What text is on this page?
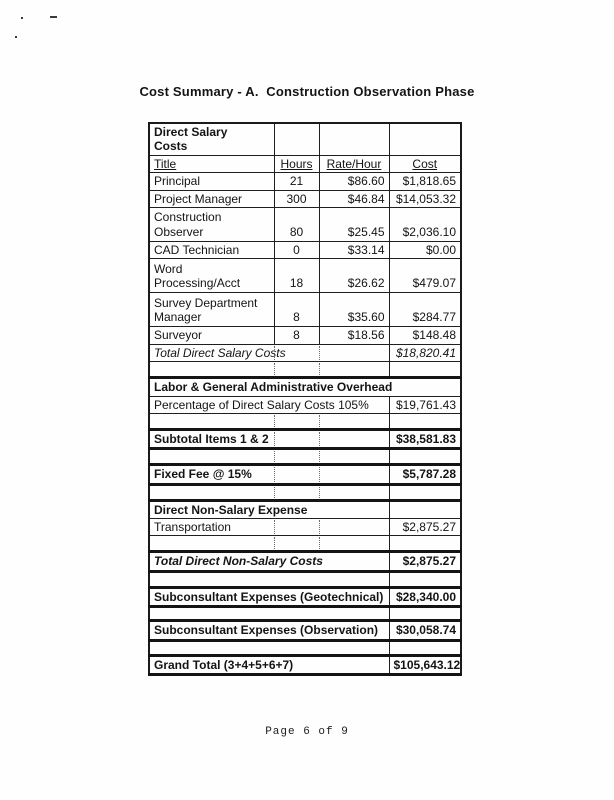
Cost Summary - A.  Construction Observation Phase
Direct Salary Costs			
Title	Hours	Rate/Hour	Cost
Principal	21	$86.60	$1,818.65
Project Manager	300	$46.84	$14,053.32
Construction Observer	80	$25.45	$2,036.10
CAD Technician	0	$33.14	$0.00
Word Processing/Acct	18	$26.62	$479.07
Survey Department Manager	8	$35.60	$284.77
Surveyor	8	$18.56	$148.48
Total Direct Salary Costs			$18,820.41

Labor & General Administrative Overhead			
Percentage of Direct Salary Costs 105%			$19,761.43

Subtotal Items 1 & 2			$38,581.83

Fixed Fee @ 15%			$5,787.28

Direct Non-Salary Expense			
Transportation			$2,875.27

Total Direct Non-Salary Costs			$2,875.27

Subconsultant Expenses (Geotechnical)			$28,340.00

Subconsultant Expenses (Observation)			$30,058.74

Grand Total (3+4+5+6+7)			$105,643.12
Page 6 of 9
